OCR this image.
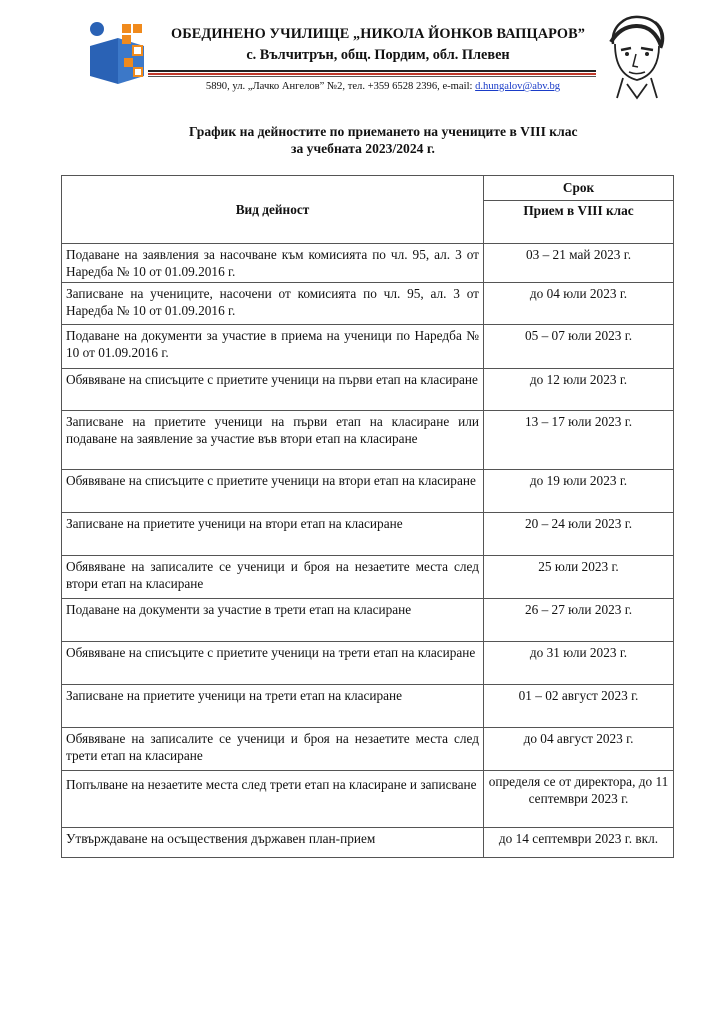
ОБЕДИНЕНО УЧИЛИЩЕ „НИКОЛА ЙОНКОВ ВАПЦАРОВ”
с. Вълчитрън, общ. Пордим, обл. Плевен
5890, ул. „Лачко Ангелов” №2, тел. +359 6528 2396, e-mail: d.hungalov@abv.bg
График на дейностите по приемането на учениците в VIII клас
за учебната 2023/2024 г.
Вид дейност	Срок
	Прием в VIII клас
Подаване на заявления за насочване към комисията по чл. 95, ал. 3 от Наредба № 10 от 01.09.2016 г.	03 – 21 май 2023 г.
Записване на учениците, насочени от комисията по чл. 95, ал. 3 от Наредба № 10 от 01.09.2016 г.	до 04 юли 2023 г.
Подаване на документи за участие в приема на ученици по Наредба № 10 от 01.09.2016 г.	05 – 07 юли 2023 г.
Обявяване на списъците с приетите ученици на първи етап на класиране	до 12 юли 2023 г.
Записване на приетите ученици на първи етап на класиране или подаване на заявление за участие във втори етап на класиране	13 – 17 юли 2023 г.
Обявяване на списъците с приетите ученици на втори етап на класиране	до 19 юли 2023 г.
Записване на приетите ученици на втори етап на класиране	20 – 24 юли 2023 г.
Обявяване на записалите се ученици и броя на незаетите места след втори етап на класиране	25 юли 2023 г.
Подаване на документи за участие в трети етап на класиране	26 – 27 юли 2023 г.
Обявяване на списъците с приетите ученици на трети етап на класиране	до 31 юли 2023 г.
Записване на приетите ученици на трети етап на класиране	01 – 02 август 2023 г.
Обявяване на записалите се ученици и броя на незаетите места след трети етап на класиране	до 04 август 2023 г.
Попълване на незаетите места след трети етап на класиране и записване	определя се от директора, до 11 септември 2023 г.
Утвърждаване на осъществения държавен план-прием	до 14 септември 2023 г. вкл.
